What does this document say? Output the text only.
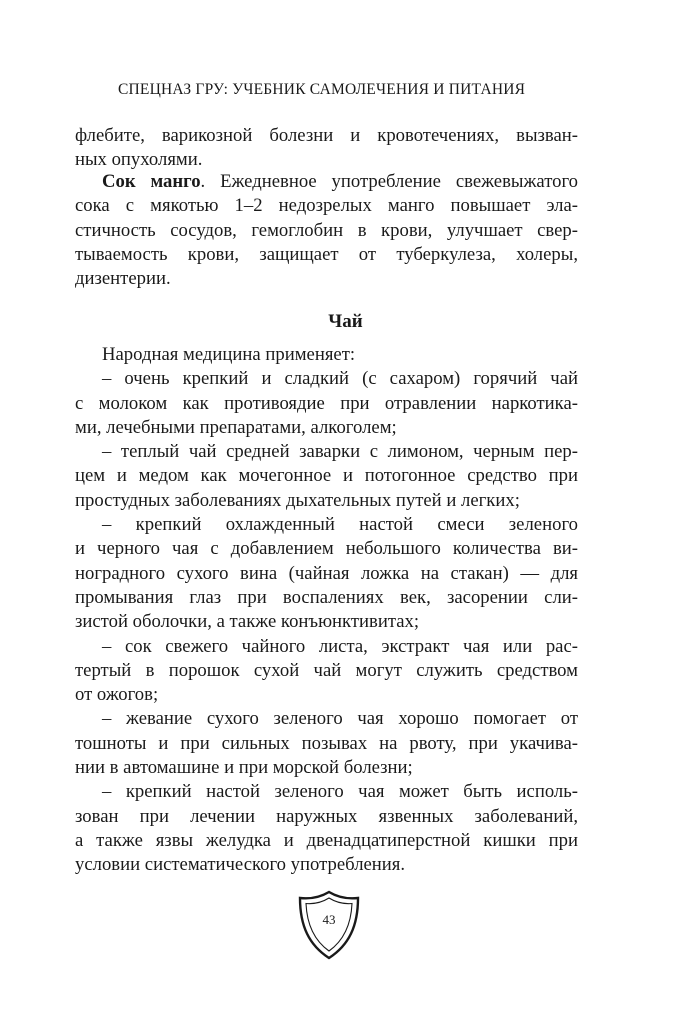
СПЕЦНАЗ ГРУ: УЧЕБНИК САМОЛЕЧЕНИЯ И ПИТАНИЯ
флебите, варикозной болезни и кровотечениях, вызван-
ных опухолями.
Сок манго. Ежедневное употребление свежевыжатого
сока с мякотью 1–2 недозрелых манго повышает эла-
стичность сосудов, гемоглобин в крови, улучшает свер-
тываемость крови, защищает от туберкулеза, холеры,
дизентерии.
Чай
Народная медицина применяет:
– очень крепкий и сладкий (с сахаром) горячий чай
с молоком как противоядие при отравлении наркотика-
ми, лечебными препаратами, алкоголем;
– теплый чай средней заварки с лимоном, черным пер-
цем и медом как мочегонное и потогонное средство при
простудных заболеваниях дыхательных путей и легких;
– крепкий охлажденный настой смеси зеленого
и черного чая с добавлением небольшого количества ви-
ноградного сухого вина (чайная ложка на стакан) — для
промывания глаз при воспалениях век, засорении сли-
зистой оболочки, а также конъюнктивитах;
– сок свежего чайного листа, экстракт чая или рас-
тертый в порошок сухой чай могут служить средством
от ожогов;
– жевание сухого зеленого чая хорошо помогает от
тошноты и при сильных позывах на рвоту, при укачива-
нии в автомашине и при морской болезни;
– крепкий настой зеленого чая может быть исполь-
зован при лечении наружных язвенных заболеваний,
а также язвы желудка и двенадцатиперстной кишки при
условии систематического употребления.
43
